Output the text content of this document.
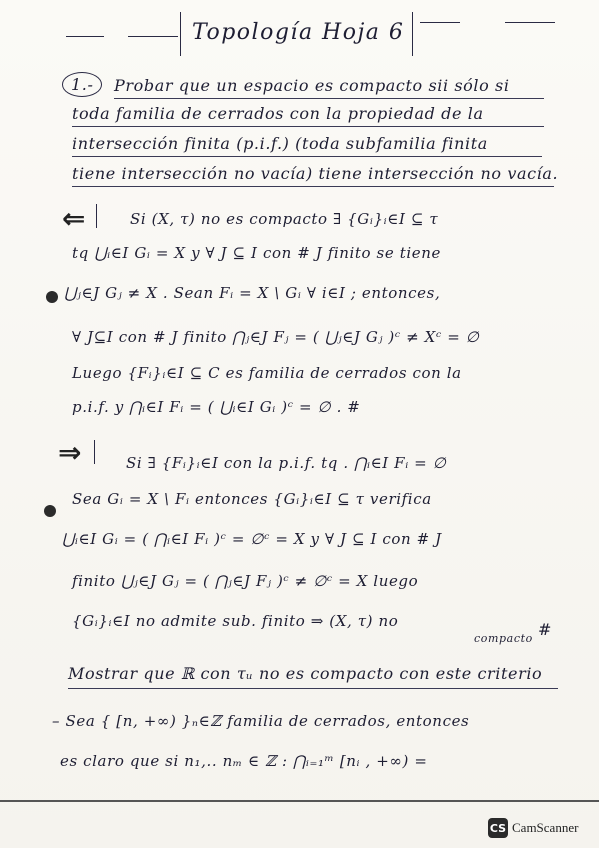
Topología Hoja 6
1.-	Probar que un espacio es compacto sii sólo si
toda familia de cerrados con la propiedad de la
intersección finita (p.i.f.) (toda subfamilia finita
tiene intersección no vacía) tiene intersección no vacía.
⇐	Si (X, τ) no es compacto ∃ {Gᵢ}ᵢ∈I ⊆ τ
tq ⋃ᵢ∈I Gᵢ = X y ∀ J ⊆ I con # J finito se tiene
⋃ⱼ∈J Gⱼ ≠ X . Sean Fᵢ = X \ Gᵢ ∀ i∈I ; entonces,
∀ J⊆I con # J finito ⋂ⱼ∈J Fⱼ = ( ⋃ⱼ∈J Gⱼ )ᶜ ≠ Xᶜ = ∅
Luego {Fᵢ}ᵢ∈I ⊆ C es familia de cerrados con la
p.i.f. y ⋂ᵢ∈I Fᵢ = ( ⋃ᵢ∈I Gᵢ )ᶜ = ∅ . #
⇒	Si ∃ {Fᵢ}ᵢ∈I con la p.i.f. tq . ⋂ᵢ∈I Fᵢ = ∅
Sea Gᵢ = X \ Fᵢ entonces {Gᵢ}ᵢ∈I ⊆ τ verifica
⋃ᵢ∈I Gᵢ = ( ⋂ᵢ∈I Fᵢ )ᶜ = ∅ᶜ = X y ∀ J ⊆ I con # J
finito ⋃ⱼ∈J Gⱼ = ( ⋂ⱼ∈J Fⱼ )ᶜ ≠ ∅ᶜ = X luego
{Gᵢ}ᵢ∈I no admite sub. finito ⇒ (X, τ) no
compacto #
Mostrar que ℝ con τᵤ no es compacto con este criterio
– Sea { [n, +∞) }ₙ∈ℤ familia de cerrados, entonces
es claro que si n₁,.. nₘ ∈ ℤ : ⋂ᵢ₌₁ᵐ [nᵢ , +∞) =
CS CamScanner
